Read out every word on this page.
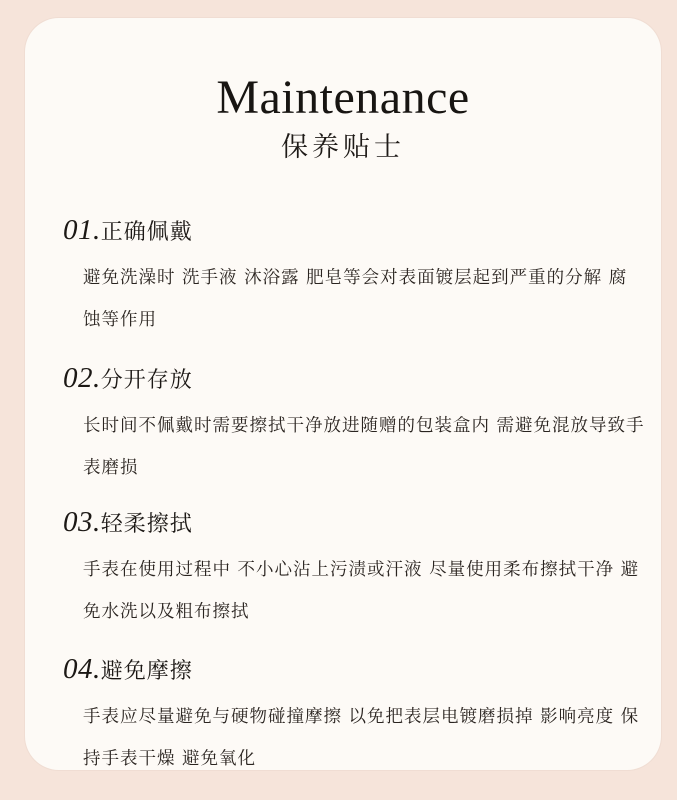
Maintenance
保养贴士
01.正确佩戴
避免洗澡时 洗手液 沐浴露 肥皂等会对表面镀层起到严重的分解 腐蚀等作用
02.分开存放
长时间不佩戴时需要擦拭干净放进随赠的包装盒内 需避免混放导致手表磨损
03.轻柔擦拭
手表在使用过程中 不小心沾上污渍或汗液 尽量使用柔布擦拭干净 避免水洗以及粗布擦拭
04.避免摩擦
手表应尽量避免与硬物碰撞摩擦 以免把表层电镀磨损掉 影响亮度 保持手表干燥 避免氧化
